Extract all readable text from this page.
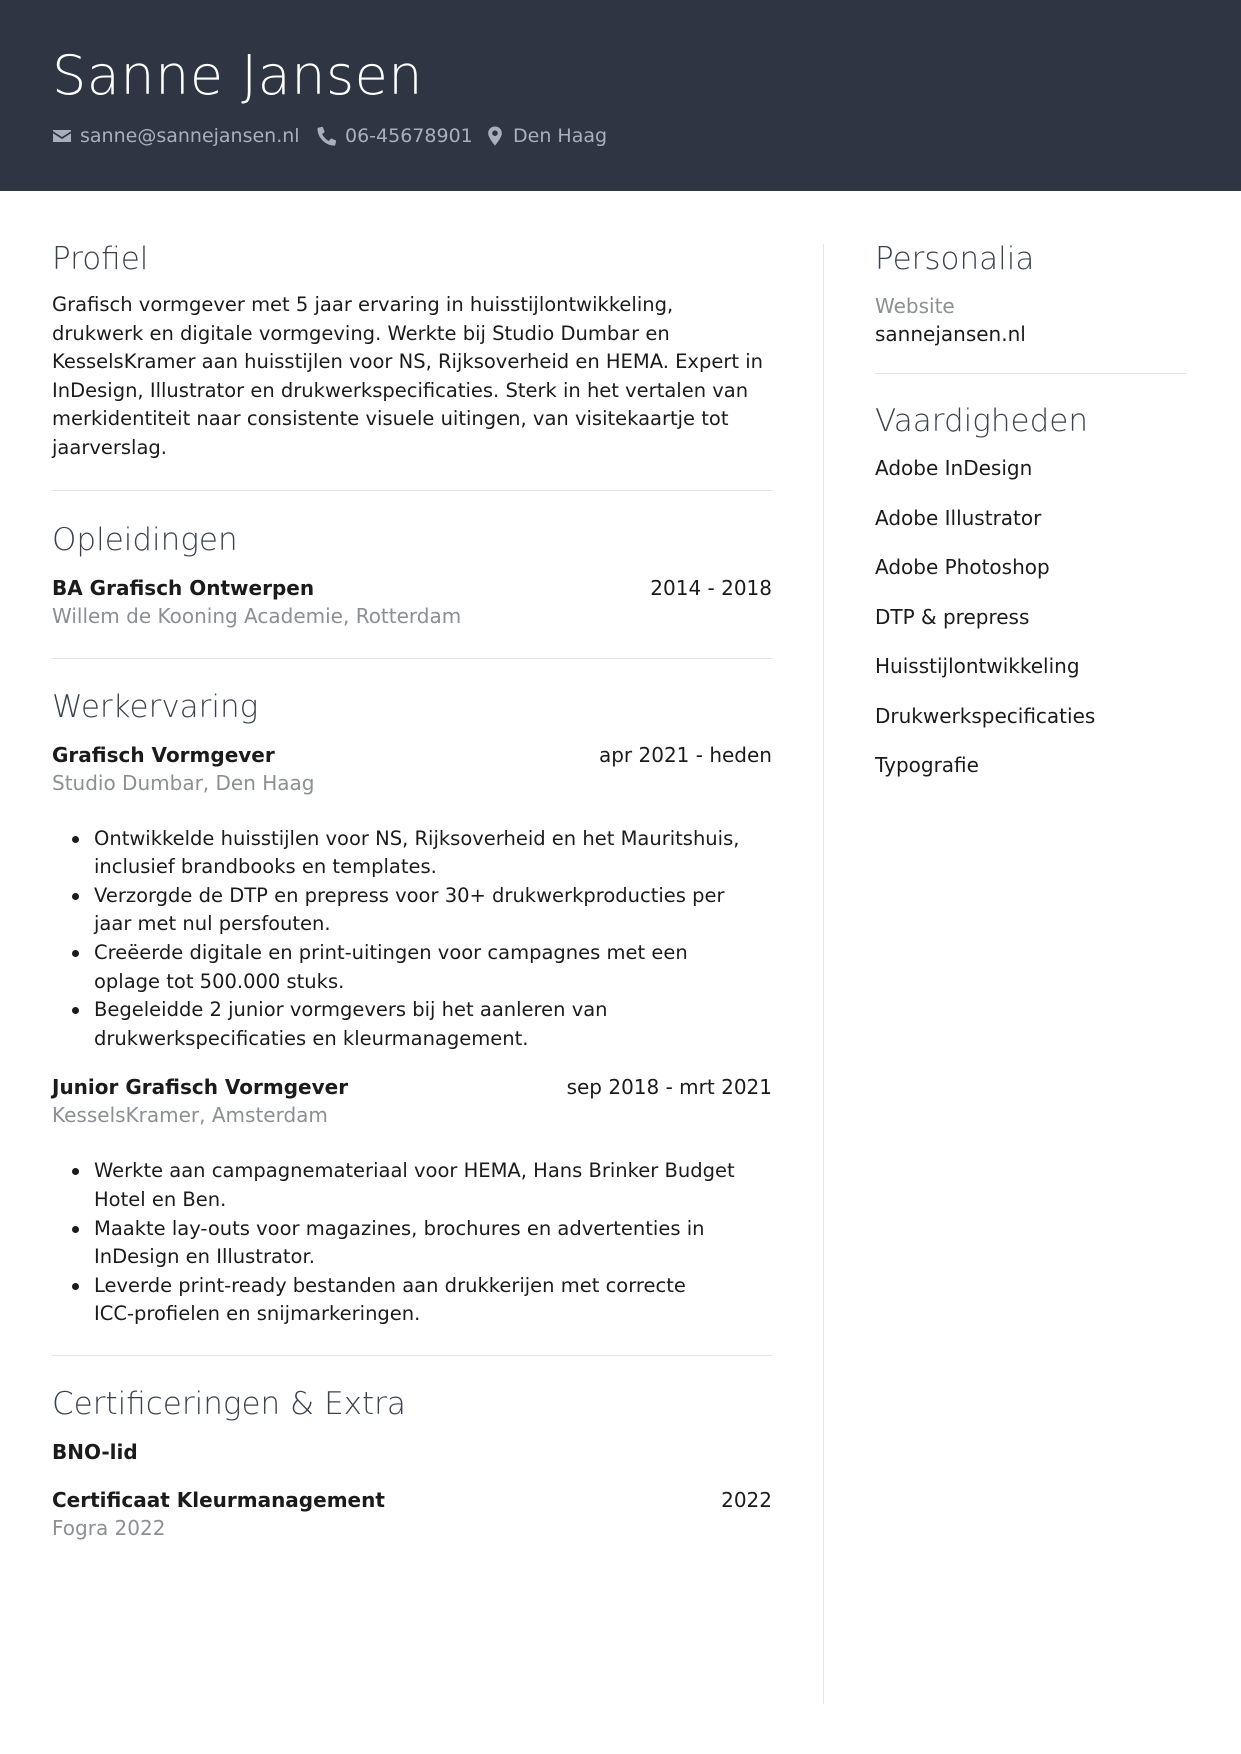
Sanne Jansen
sanne@sannejansen.nl 06-45678901 Den Haag
Profiel
Grafisch vormgever met 5 jaar ervaring in huisstijlontwikkeling,
drukwerk en digitale vormgeving. Werkte bij Studio Dumbar en
KesselsKramer aan huisstijlen voor NS, Rijksoverheid en HEMA. Expert in
InDesign, Illustrator en drukwerkspecificaties. Sterk in het vertalen van
merkidentiteit naar consistente visuele uitingen, van visitekaartje tot
jaarverslag.
Opleidingen
BA Grafisch Ontwerpen	2014 - 2018
Willem de Kooning Academie, Rotterdam
Werkervaring
Grafisch Vormgever	apr 2021 - heden
Studio Dumbar, Den Haag
Ontwikkelde huisstijlen voor NS, Rijksoverheid en het Mauritshuis,
inclusief brandbooks en templates.
Verzorgde de DTP en prepress voor 30+ drukwerkproducties per
jaar met nul persfouten.
Creëerde digitale en print-uitingen voor campagnes met een
oplage tot 500.000 stuks.
Begeleidde 2 junior vormgevers bij het aanleren van
drukwerkspecificaties en kleurmanagement.
Junior Grafisch Vormgever	sep 2018 - mrt 2021
KesselsKramer, Amsterdam
Werkte aan campagnemateriaal voor HEMA, Hans Brinker Budget
Hotel en Ben.
Maakte lay-outs voor magazines, brochures en advertenties in
InDesign en Illustrator.
Leverde print-ready bestanden aan drukkerijen met correcte
ICC-profielen en snijmarkeringen.
Certificeringen & Extra
BNO-lid
Certificaat Kleurmanagement	2022
Fogra 2022
Personalia
Website
sannejansen.nl
Vaardigheden
Adobe InDesign
Adobe Illustrator
Adobe Photoshop
DTP & prepress
Huisstijlontwikkeling
Drukwerkspecificaties
Typografie
